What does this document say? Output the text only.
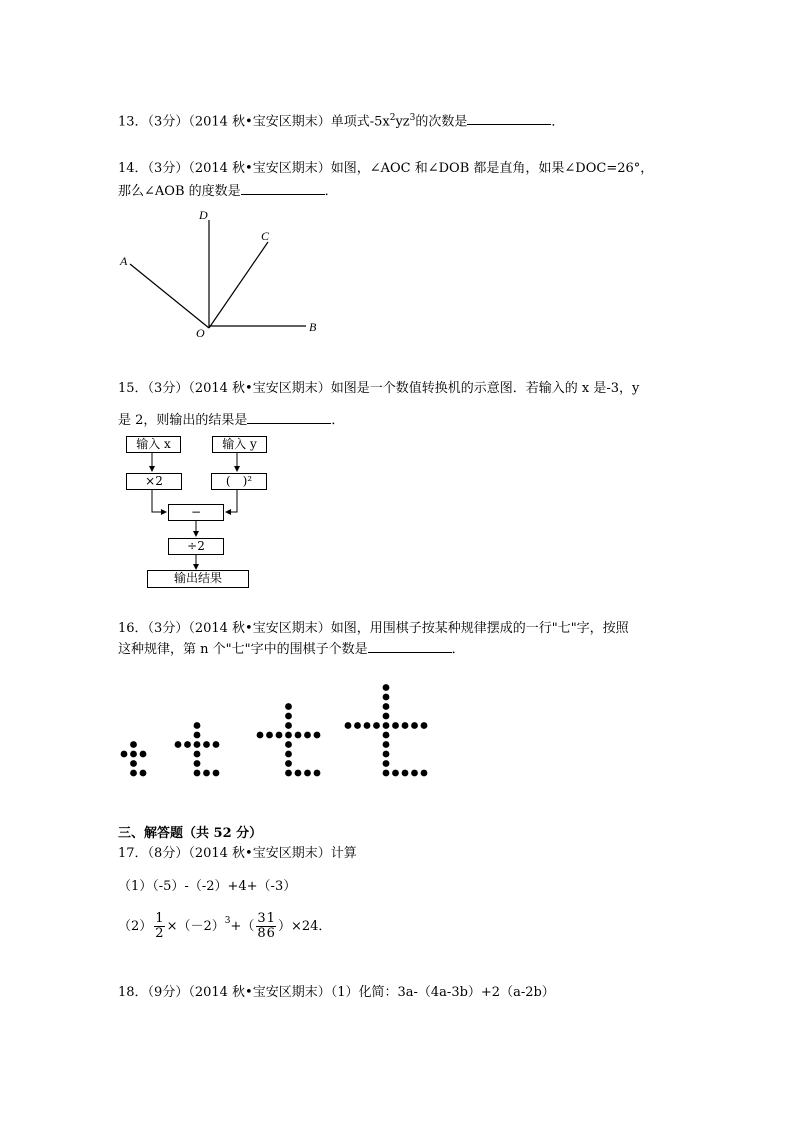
13．（3分）（2014 秋•宝安区期末）单项式$-5x^2yz^3$的次数是	．
14．（3分）（2014 秋•宝安区期末）如图，∠AOC 和∠DOB 都是直角，如果∠DOC=26°，
那么∠AOB 的度数是	．
D
C
A
O	B
15．（3分）（2014 秋•宝安区期末）如图是一个数值转换机的示意图．若输入的 x 是-3，y
是 2，则输出的结果是	．
输入 x	输入 y
×2	(　)²
−
÷2
输出结果
16．（3分）（2014 秋•宝安区期末）如图，用围棋子按某种规律摆成的一行"七"字，按照
这种规律，第 n 个"七"字中的围棋子个数是	．
三、解答题（共 52 分）
17．（8分）（2014 秋•宝安区期末）计算
（1）（-5）-（-2）+4+（-3）
$(2) \frac{1}{2} \times(-2)^3+( \frac{3}{8} \frac{1}{6} )\times 24$．
18．（9分）（2014 秋•宝安区期末）（1）化简：3a-（4a-3b）+2（a-2b）
